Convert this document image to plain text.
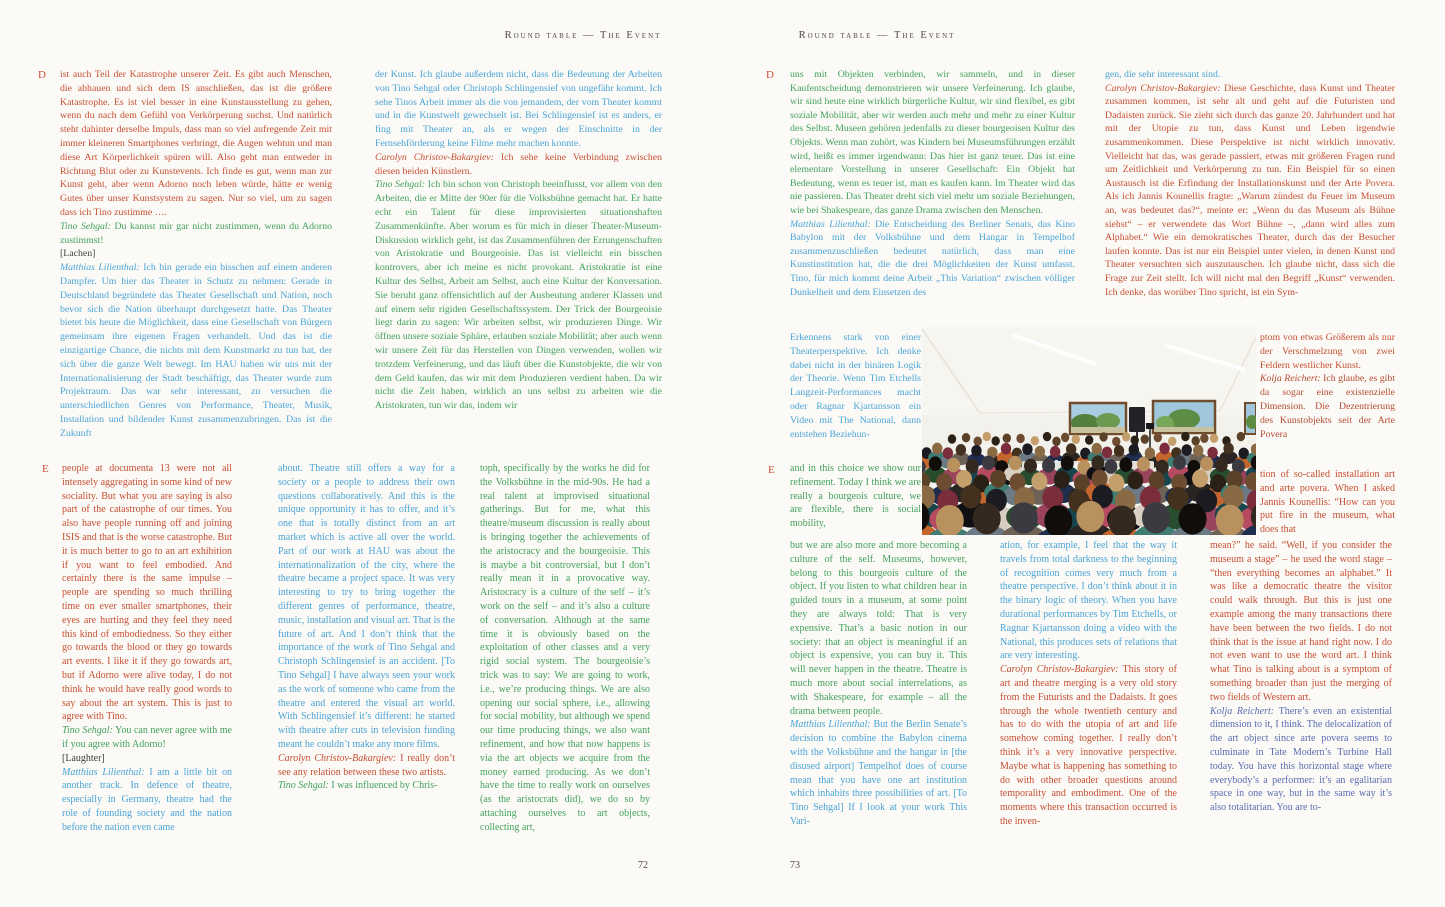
Round table — The Event	Round table — The Event
D ist auch Teil der Katastrophe unserer Zeit. Es gibt auch Menschen, die abhauen und sich dem IS anschließen, das ist die größere Katastrophe. Es ist viel besser in eine Kunstausstellung zu gehen, wenn du nach dem Gefühl von Verkörperung suchst. Und natürlich steht dahinter derselbe Impuls, dass man so viel aufregende Zeit mit immer kleineren Smartphones verbringt, die Augen wehtun und man diese Art Körperlichkeit spüren will. Also geht man entweder in Richtung Blut oder zu Kunstevents. Ich finde es gut, wenn man zur Kunst geht, aber wenn Adorno noch leben würde, hätte er wenig Gutes über unser Kunstsystem zu sagen. Nur so viel, um zu sagen dass ich Tino zustimme ….

Tino Sehgal: Du kannst mir gar nicht zustimmen, wenn du Adorno zustimmst!

[Lachen]

Matthias Lilienthal: Ich bin gerade ein bisschen auf einem anderen Dampfer. Um hier das Theater in Schutz zu nehmen: Gerade in Deutschland begründete das Theater Gesellschaft und Nation, noch bevor sich die Nation überhaupt durchgesetzt hatte. Das Theater bietet bis heute die Möglichkeit, dass eine Gesellschaft von Bürgern gemeinsam ihre eigenen Fragen verhandelt. Und das ist die einzigartige Chance, die nichts mit dem Kunstmarkt zu tun hat, der sich über die ganze Welt bewegt. Im HAU haben wir uns mit der Internationalisierung der Stadt beschäftigt, das Theater wurde zum Projektraum. Das war sehr interessant, zu versuchen die unterschiedlichen Genres von Performance, Theater, Musik, Installation und bildender Kunst zusammenzubringen. Das ist die Zukunft

der Kunst. Ich glaube außerdem nicht, dass die Bedeutung der Arbeiten von Tino Sehgal oder Christoph Schlingensief von ungefähr kommt. Ich sehe Tinos Arbeit immer als die von jemandem, der vom Theater kommt und in die Kunstwelt gewechselt ist. Bei Schlingensief ist es anders, er fing mit Theater an, als er wegen der Einschnitte in der Fernsehförderung keine Filme mehr machen konnte.

Carolyn Christov-Bakargiev: Ich sehe keine Verbindung zwischen diesen beiden Künstlern.

Tino Sehgal: Ich bin schon von Christoph beeinflusst, vor allem von den Arbeiten, die er Mitte der 90er für die Volksbühne gemacht hat. Er hatte echt ein Talent für diese improvisierten situationshaften Zusammenkünfte. Aber worum es für mich in dieser Theater-Museum-Diskussion wirklich geht, ist das Zusammenführen der Errungenschaften von Aristokratie und Bourgeoisie. Das ist vielleicht ein bisschen kontrovers, aber ich meine es nicht provokant. Aristokratie ist eine Kultur des Selbst, Arbeit am Selbst, auch eine Kultur der Konversation. Sie beruht ganz offensichtlich auf der Ausbeutung anderer Klassen und auf einem sehr rigiden Gesellschaftssystem. Der Trick der Bourgeoisie liegt darin zu sagen: Wir arbeiten selbst, wir produzieren Dinge. Wir öffnen unsere soziale Sphäre, erlauben soziale Mobilität; aber auch wenn wir unsere Zeit für das Herstellen von Dingen verwenden, wollen wir trotzdem Verfeinerung, und das läuft über die Kunstobjekte, die wir von dem Geld kaufen, das wir mit dem Produzieren verdient haben. Da wir nicht die Zeit haben, wirklich an uns selbst zu arbeiten wie die Aristokraten, tun wir das, indem wir

E people at documenta 13 were not all intensely aggregating in some kind of new sociality. But what you are saying is also part of the catastrophe of our times. You also have people running off and joining ISIS and that is the worse catastrophe. But it is much better to go to an art exhibition if you want to feel embodied. And certainly there is the same impulse – people are spending so much thrilling time on ever smaller smartphones, their eyes are hurting and they feel they need this kind of embodiedness. So they either go towards the blood or they go towards art events. I like it if they go towards art, but if Adorno were alive today, I do not think he would have really good words to say about the art system. This is just to agree with Tino.

Tino Sehgal: You can never agree with me if you agree with Adorno!

[Laughter]

Matthias Lilienthal: I am a little bit on another track. In defence of theatre, especially in Germany, theatre had the role of founding society and the nation before the nation even came

about. Theatre still offers a way for a society or a people to address their own questions collaboratively. And this is the unique opportunity it has to offer, and it’s one that is totally distinct from an art market which is active all over the world. Part of our work at HAU was about the internationalization of the city, where the theatre became a project space. It was very interesting to try to bring together the different genres of performance, theatre, music, installation and visual art. That is the future of art. And I don’t think that the importance of the work of Tino Sehgal and Christoph Schlingensief is an accident. [To Tino Sehgal] I have always seen your work as the work of someone who came from the theatre and entered the visual art world. With Schlingensief it’s different: he started with theatre after cuts in television funding meant he couldn’t make any more films.

Carolyn Christov-Bakargiev: I really don’t see any relation between these two artists.

Tino Sehgal: I was influenced by Chris-

toph, specifically by the works he did for the Volksbühne in the mid-90s. He had a real talent at improvised situational gatherings. But for me, what this theatre/museum discussion is really about is bringing together the achievements of the aristocracy and the bourgeoisie. This is maybe a bit controversial, but I don’t really mean it in a provocative way. Aristocracy is a culture of the self – it’s work on the self – and it’s also a culture of conversation. Although at the same time it is obviously based on the exploitation of other classes and a very rigid social system. The bourgeoisie’s trick was to say: We are going to work, i.e., we’re producing things. We are also opening our social sphere, i.e., allowing for social mobility, but although we spend our time producing things, we also want refinement, and how that now happens is via the art objects we acquire from the money earned producing. As we don’t have the time to really work on ourselves (as the aristocrats did), we do so by attaching ourselves to art objects, collecting art,

D uns mit Objekten verbinden, wir sammeln, und in dieser Kaufentscheidung demonstrieren wir unsere Verfeinerung. Ich glaube, wir sind heute eine wirklich bürgerliche Kultur, wir sind flexibel, es gibt soziale Mobilität, aber wir werden auch mehr und mehr zu einer Kultur des Selbst. Museen gehören jedenfalls zu dieser bourgeoisen Kultur des Objekts. Wenn man zuhört, was Kindern bei Museumsführungen erzählt wird, heißt es immer irgendwann: Das hier ist ganz teuer. Das ist eine elementare Vorstellung in unserer Gesellschaft: Ein Objekt hat Bedeutung, wenn es teuer ist, man es kaufen kann. Im Theater wird das nie passieren. Das Theater dreht sich viel mehr um soziale Beziehungen, wie bei Shakespeare, das ganze Drama zwischen den Menschen.

Matthias Lilienthal: Die Entscheidung des Berliner Senats, das Kino Babylon mit der Volksbühne und dem Hangar in Tempelhof zusammenzuschließen bedeutet natürlich, dass man eine Kunstinstitution hat, die die drei Möglichkeiten der Kunst umfasst. Tino, für mich kommt deine Arbeit „This Variation“ zwischen völliger Dunkelheit und dem Einsetzen des

Erkennens stark von einer Theaterperspektive. Ich denke dabei nicht in der binären Logik der Theorie. Wenn Tim Etchells Langzeit-Performances macht oder Ragnar Kjartansson ein Video mit The National, dann entstehen Beziehun-

gen, die sehr interessant sind.

Carolyn Christov-Bakargiev: Diese Geschichte, dass Kunst und Theater zusammen kommen, ist sehr alt und geht auf die Futuristen und Dadaisten zurück. Sie zieht sich durch das ganze 20. Jahrhundert und hat mit der Utopie zu tun, dass Kunst und Leben irgendwie zusammenkommen. Diese Perspektive ist nicht wirklich innovativ. Vielleicht hat das, was gerade passiert, etwas mit größeren Fragen rund um Zeitlichkeit und Verkörperung zu tun. Ein Beispiel für so einen Austausch ist die Erfindung der Installationskunst und der Arte Povera. Als ich Jannis Kounellis fragte: „Warum zündest du Feuer im Museum an, was bedeutet das?“, meinte er: „Wenn du das Museum als Bühne siehst“ – er verwendete das Wort Bühne –, „dann wird alles zum Alphabet.“ Wie ein demokratisches Theater, durch das der Besucher laufen konnte. Das ist nur ein Beispiel unter vielen, in denen Kunst und Theater versuchten sich auszutauschen. Ich glaube nicht, dass sich die Frage zur Zeit stellt. Ich will nicht mal den Begriff „Kunst“ verwenden. Ich denke, das worüber Tino spricht, ist ein Sym-

ptom von etwas Größerem als nur der Verschmelzung von zwei Feldern westlicher Kunst.

Kolja Reichert: Ich glaube, es gibt da sogar eine existenzielle Dimension. Die Dezentrierung des Kunstobjekts seit der Arte Povera

E and in this choice we show our refinement. Today I think we are really a bourgeois culture, we are flexible, there is social mobility,

but we are also more and more becoming a culture of the self. Museums, however, belong to this bourgeois culture of the object. If you listen to what children hear in guided tours in a museum, at some point they are always told: That is very expensive. That’s a basic notion in our society: that an object is meaningful if an object is expensive, you can buy it. This will never happen in the theatre. Theatre is much more about social interrelations, as with Shakespeare, for example – all the drama between people.

Matthias Lilienthal: But the Berlin Senate’s decision to combine the Babylon cinema with the Volksbühne and the hangar in [the disused airport] Tempelhof does of course mean that you have one art institution which inhabits three possibilities of art. [To Tino Sehgal] If I look at your work This Vari-

ation, for example, I feel that the way it travels from total darkness to the beginning of recognition comes very much from a theatre perspective. I don’t think about it in the binary logic of theory. When you have durational performances by Tim Etchells, or Ragnar Kjartansson doing a video with the National, this produces sets of relations that are very interesting.

Carolyn Christov-Bakargiev: This story of art and theatre merging is a very old story from the Futurists and the Dadaists. It goes through the whole twentieth century and has to do with the utopia of art and life somehow coming together. I really don’t think it’s a very innovative perspective. Maybe what is happening has something to do with other broader questions around temporality and embodiment. One of the moments where this transaction occurred is the inven-

tion of so-called installation art and arte povera. When I asked Jannis Kounellis: “How can you put fire in the museum, what does that

mean?” he said. “Well, if you consider the museum a stage” – he used the word stage – “then everything becomes an alphabet.” It was like a democratic theatre the visitor could walk through. But this is just one example among the many transactions there have been between the two fields. I do not think that is the issue at hand right now. I do not even want to use the word art. I think what Tino is talking about is a symptom of something broader than just the merging of two fields of Western art.

Kolja Reichert: There’s even an existential dimension to it, I think. The delocalization of the art object since arte povera seems to culminate in Tate Modern’s Turbine Hall today. You have this horizontal stage where everybody’s a performer: it’s an egalitarian space in one way, but in the same way it’s also totalitarian. You are to-

72	73
